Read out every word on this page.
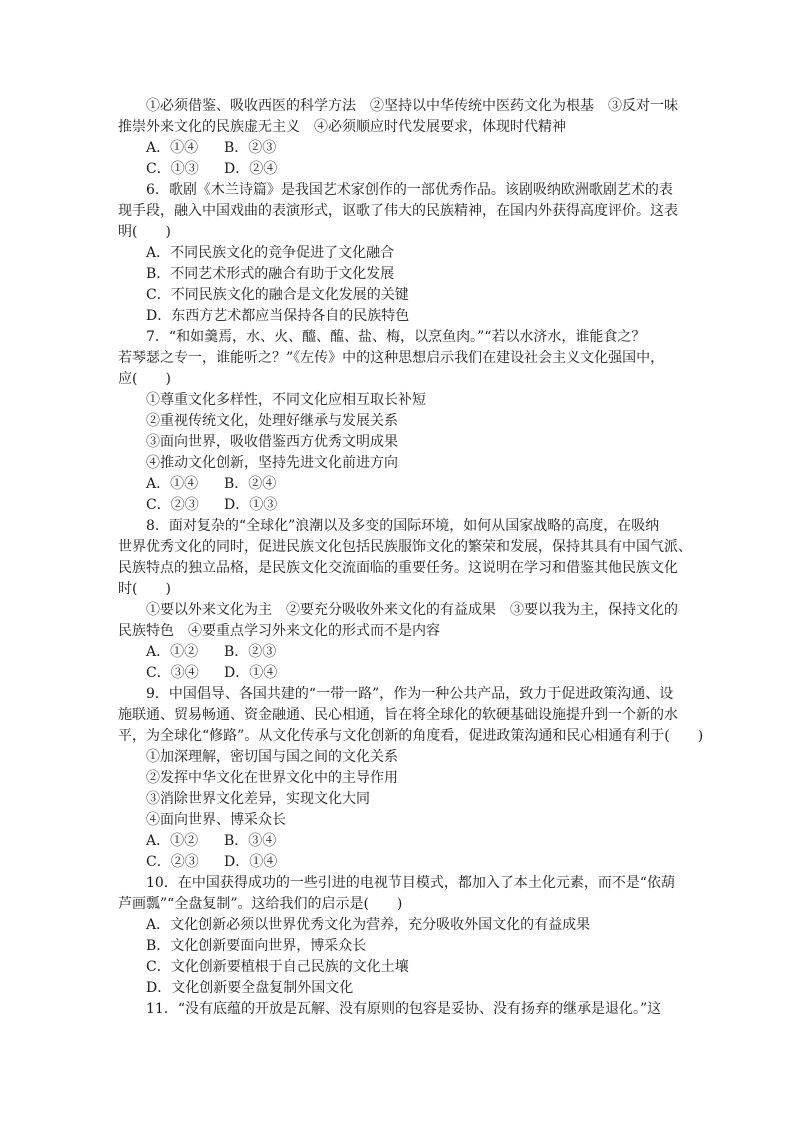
①必须借鉴、吸收西医的科学方法　②坚持以中华传统中医药文化为根基　③反对一味
推崇外来文化的民族虚无主义　④必须顺应时代发展要求，体现时代精神
A．①④ B．②③
C．①③ D．②④
6．歌剧《木兰诗篇》是我国艺术家创作的一部优秀作品。该剧吸纳欧洲歌剧艺术的表
现手段，融入中国戏曲的表演形式，讴歌了伟大的民族精神，在国内外获得高度评价。这表
明(　　)
A．不同民族文化的竞争促进了文化融合
B．不同艺术形式的融合有助于文化发展
C．不同民族文化的融合是文化发展的关键
D．东西方艺术都应当保持各自的民族特色
7．“和如羹焉，水、火、醯、醢、盐、梅，以烹鱼肉。”“若以水济水，谁能食之？
若琴瑟之专一，谁能听之？”《左传》中的这种思想启示我们在建设社会主义文化强国中，
应(　　)
①尊重文化多样性，不同文化应相互取长补短
②重视传统文化，处理好继承与发展关系
③面向世界，吸收借鉴西方优秀文明成果
④推动文化创新，坚持先进文化前进方向
A．①④ B．②④
C．②③ D．①③
8．面对复杂的“全球化”浪潮以及多变的国际环境，如何从国家战略的高度，在吸纳
世界优秀文化的同时，促进民族文化包括民族服饰文化的繁荣和发展，保持其具有中国气派、
民族特点的独立品格，是民族文化交流面临的重要任务。这说明在学习和借鉴其他民族文化
时(　　)
①要以外来文化为主　②要充分吸收外来文化的有益成果　③要以我为主，保持文化的
民族特色　④要重点学习外来文化的形式而不是内容
A．①② B．②③
C．③④ D．①④
9．中国倡导、各国共建的“一带一路”，作为一种公共产品，致力于促进政策沟通、设
施联通、贸易畅通、资金融通、民心相通，旨在将全球化的软硬基础设施提升到一个新的水
平，为全球化“修路”。从文化传承与文化创新的角度看，促进政策沟通和民心相通有利于(　　)
①加深理解，密切国与国之间的文化关系
②发挥中华文化在世界文化中的主导作用
③消除世界文化差异，实现文化大同
④面向世界、博采众长
A．①② B．③④
C．②③ D．①④
10．在中国获得成功的一些引进的电视节目模式，都加入了本土化元素，而不是“依葫
芦画瓢”“全盘复制”。这给我们的启示是(　　)
A．文化创新必须以世界优秀文化为营养，充分吸收外国文化的有益成果
B．文化创新要面向世界，博采众长
C．文化创新要植根于自己民族的文化土壤
D．文化创新要全盘复制外国文化
11．“没有底蕴的开放是瓦解、没有原则的包容是妥协、没有扬弃的继承是退化。”这
